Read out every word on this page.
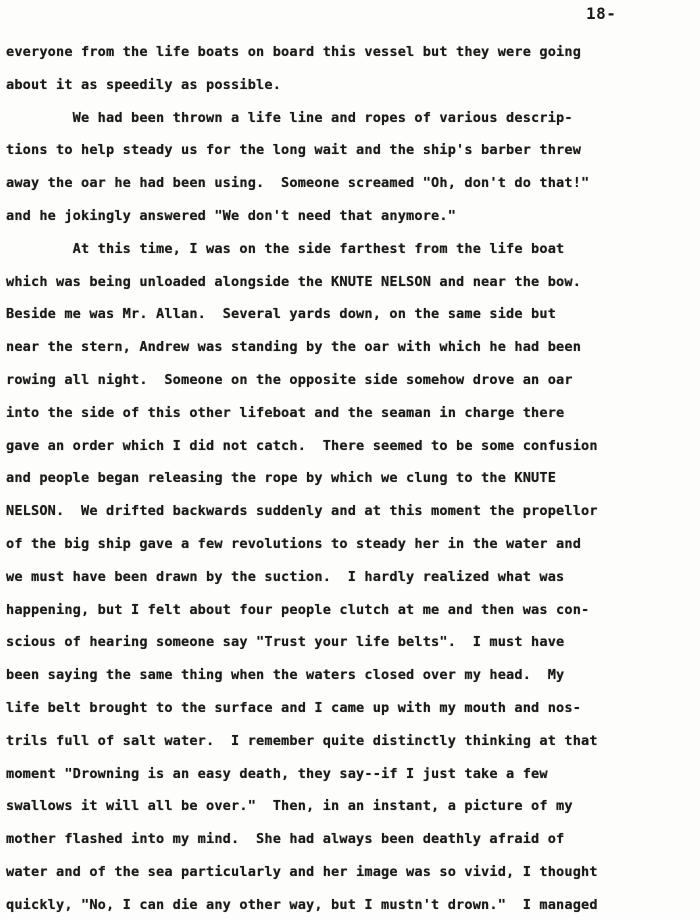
18-
everyone from the life boats on board this vessel but they were going
about it as speedily as possible.
We had been thrown a life line and ropes of various descrip-
tions to help steady us for the long wait and the ship's barber threw
away the oar he had been using.  Someone screamed "Oh, don't do that!"
and he jokingly answered "We don't need that anymore."
At this time, I was on the side farthest from the life boat
which was being unloaded alongside the KNUTE NELSON and near the bow.
Beside me was Mr. Allan.  Several yards down, on the same side but
near the stern, Andrew was standing by the oar with which he had been
rowing all night.  Someone on the opposite side somehow drove an oar
into the side of this other lifeboat and the seaman in charge there
gave an order which I did not catch.  There seemed to be some confusion
and people began releasing the rope by which we clung to the KNUTE
NELSON.  We drifted backwards suddenly and at this moment the propellor
of the big ship gave a few revolutions to steady her in the water and
we must have been drawn by the suction.  I hardly realized what was
happening, but I felt about four people clutch at me and then was con-
scious of hearing someone say "Trust your life belts".  I must have
been saying the same thing when the waters closed over my head.  My
life belt brought to the surface and I came up with my mouth and nos-
trils full of salt water.  I remember quite distinctly thinking at that
moment "Drowning is an easy death, they say--if I just take a few
swallows it will all be over."  Then, in an instant, a picture of my
mother flashed into my mind.  She had always been deathly afraid of
water and of the sea particularly and her image was so vivid, I thought
quickly, "No, I can die any other way, but I mustn't drown."  I managed
